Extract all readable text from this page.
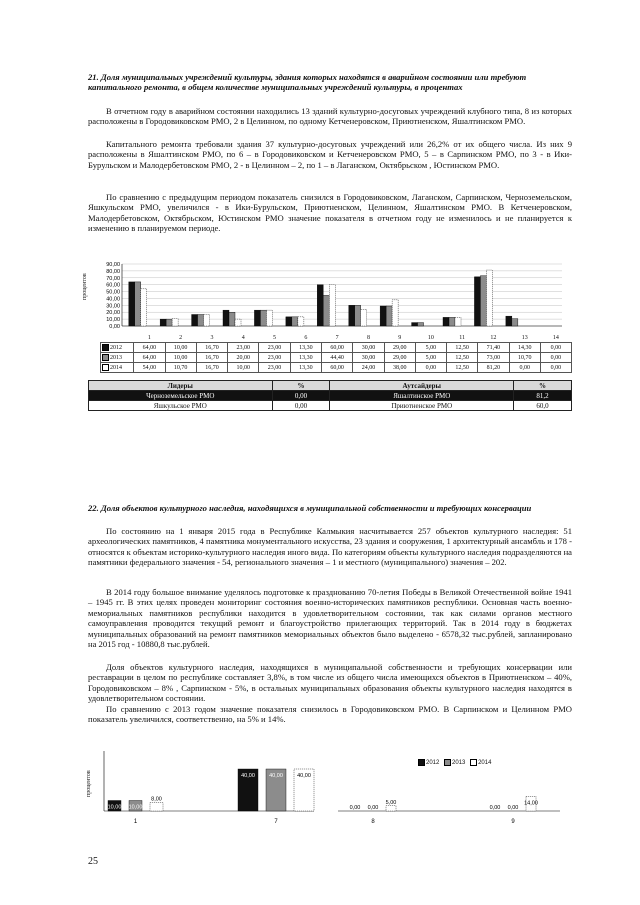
21. Доля муниципальных учреждений культуры, здания которых находятся в аварийном состоянии или требуют капитального ремонта, в общем количестве муниципальных учреждений культуры, в процентах
В отчетном году в аварийном состоянии находились 13 зданий культурно-досуговых учреждений клубного типа, 8 из которых расположены в Городовиковском РМО, 2 в Целинном, по одному Кетченеровском, Приютненском, Яшалтинском РМО.
Капитального ремонта требовали здания 37 культурно-досуговых учреждений или 26,2% от их общего числа. Из них 9 расположены в Яшалтинском РМО, по 6 – в Городовиковском и Кетченеровском РМО, 5 – в Сарпинском РМО, по 3 - в Ики-Бурульском и Малодербетовском РМО, 2 - в Целинном – 2, по 1 – в Лаганском, Октябрьском , Юстинском РМО.
По сравнению с предыдущим периодом показатель снизился в Городовиковском, Лаганском, Сарпинском, Черноземельском, Яшкульском РМО, увеличился - в Ики-Бурульском, Приютненском, Целинном, Яшалтинском РМО. В Кетченеровском, Малодербетовском, Октябрьском, Юстинском РМО значение показателя в отчетном году не изменилось и не планируется к изменению в планируемом периоде.
90,00
80,00
70,00
60,00
50,00
40,00
30,00
20,00
10,00
0,00
процентов
	1	2	3	4	5	6	7	8	9	10	11	12	13	14
2012	64,00	10,00	16,70	23,00	23,00	13,30	60,00	30,00	29,00	5,00	12,50	71,40	14,30	0,00
2013	64,00	10,00	16,70	20,00	23,00	13,30	44,40	30,00	29,00	5,00	12,50	73,00	10,70	0,00
2014	54,00	10,70	16,70	10,00	23,00	13,30	60,00	24,00	38,00	0,00	12,50	81,20	0,00	0,00
Лидеры	%	Аутсайдеры	%
Черноземельское РМО	0,00	Яшалтинское РМО	81,2
Яшкульское РМО	0,00	Приютненское РМО	60,0
22. Доля объектов культурного наследия, находящихся в муниципальной собственности и требующих консервации
По состоянию на 1 января 2015 года в Республике Калмыкия насчитывается 257 объектов культурного наследия: 51 археологических памятников, 4 памятника монументального искусства, 23 здания и сооружения, 1 архитектурный ансамбль и 178 - относятся к объектам историко-культурного наследия иного вида. По категориям объекты культурного наследия подразделяются на памятники федерального значения - 54, регионального значения – 1 и местного (муниципального) значения – 202.
В 2014 году большое внимание уделялось подготовке к празднованию 70-летия Победы в Великой Отечественной войне 1941 – 1945 гг. В этих целях проведен мониторинг состояния военно-исторических памятников республики. Основная часть военно-мемориальных памятников республики находится в удовлетворительном состоянии, так как силами органов местного самоуправления проводится текущий ремонт и благоустройство прилегающих территорий. Так в 2014 году в бюджетах муниципальных образований на ремонт памятников мемориальных объектов было выделено - 6578,32 тыс.рублей, запланировано на 2015 год - 10880,8 тыс.рублей.
Доля объектов культурного наследия, находящихся в муниципальной собственности и требующих консервации или реставрации в целом по республике составляет 3,8%, в том числе из общего числа имеющихся объектов в Приютненском – 40%, Городовиковском – 8% , Сарпинском - 5%, в остальных муниципальных образования объекты культурного наследия находятся в удовлетворительном состоянии.
По сравнению с 2013 годом значение показателя снизилось в Городовиковском РМО. В Сарпинском и Целинном РМО показатель увеличился, соответственно, на 5% и 14%.
процентов
10,00 10,00
8,00
1
40,00	40,00	40,00
7
0,00 0,00
5,00
8
0,00 0,00
14,00
9
2012 2013 2014
25
